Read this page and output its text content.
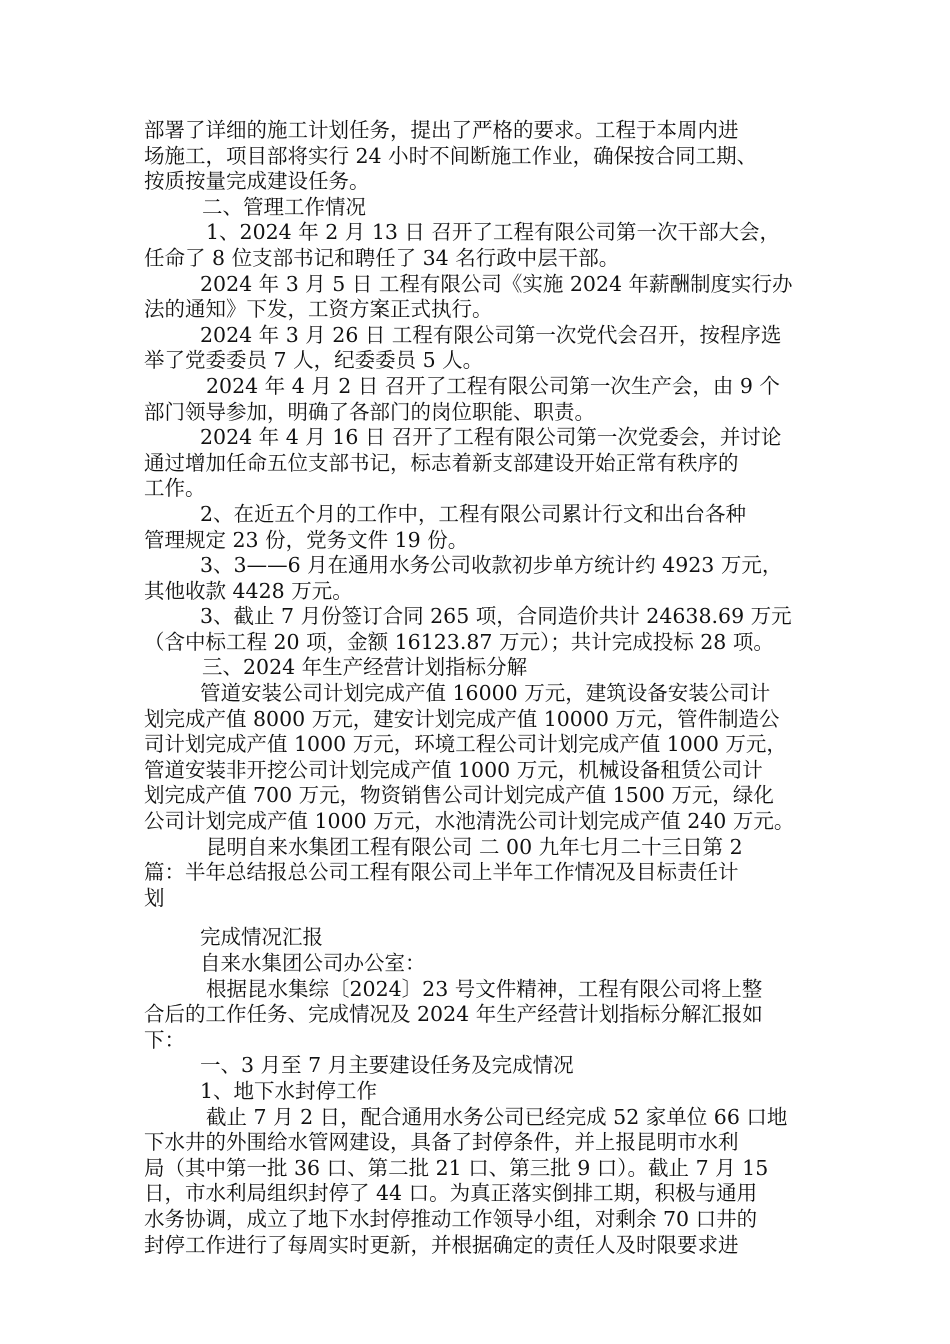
部署了详细的施工计划任务，提出了严格的要求。工程于本周内进

场施工，项目部将实行 24 小时不间断施工作业，确保按合同工期、

按质按量完成建设任务。

二、管理工作情况

1、2024 年 2 月 13 日 召开了工程有限公司第一次干部大会，

任命了 8 位支部书记和聘任了 34 名行政中层干部。

2024 年 3 月 5 日 工程有限公司《实施 2024 年薪酬制度实行办

法的通知》下发，工资方案正式执行。

2024 年 3 月 26 日 工程有限公司第一次党代会召开，按程序选

举了党委委员 7 人，纪委委员 5 人。

2024 年 4 月 2 日 召开了工程有限公司第一次生产会，由 9 个

部门领导参加，明确了各部门的岗位职能、职责。

2024 年 4 月 16 日 召开了工程有限公司第一次党委会，并讨论

通过增加任命五位支部书记，标志着新支部建设开始正常有秩序的

工作。

2、在近五个月的工作中，工程有限公司累计行文和出台各种

管理规定 23 份，党务文件 19 份。

3、3——6 月在通用水务公司收款初步单方统计约 4923 万元，

其他收款 4428 万元。

3、截止 7 月份签订合同 265 项，合同造价共计 24638.69 万元

（含中标工程 20 项，金额 16123.87 万元）；共计完成投标 28 项。

三、2024 年生产经营计划指标分解

管道安装公司计划完成产值 16000 万元，建筑设备安装公司计

划完成产值 8000 万元，建安计划完成产值 10000 万元，管件制造公

司计划完成产值 1000 万元，环境工程公司计划完成产值 1000 万元，

管道安装非开挖公司计划完成产值 1000 万元，机械设备租赁公司计

划完成产值 700 万元，物资销售公司计划完成产值 1500 万元，绿化

公司计划完成产值 1000 万元，水池清洗公司计划完成产值 240 万元。

昆明自来水集团工程有限公司 二 00 九年七月二十三日第 2

篇：半年总结报总公司工程有限公司上半年工作情况及目标责任计

划

完成情况汇报

自来水集团公司办公室：

根据昆水集综〔2024〕23 号文件精神，工程有限公司将上整

合后的工作任务、完成情况及 2024 年生产经营计划指标分解汇报如

下：

一、3 月至 7 月主要建设任务及完成情况

1、地下水封停工作

截止 7 月 2 日，配合通用水务公司已经完成 52 家单位 66 口地

下水井的外围给水管网建设，具备了封停条件，并上报昆明市水利

局（其中第一批 36 口、第二批 21 口、第三批 9 口）。截止 7 月 15

日，市水利局组织封停了 44 口。为真正落实倒排工期，积极与通用

水务协调，成立了地下水封停推动工作领导小组，对剩余 70 口井的

封停工作进行了每周实时更新，并根据确定的责任人及时限要求进
